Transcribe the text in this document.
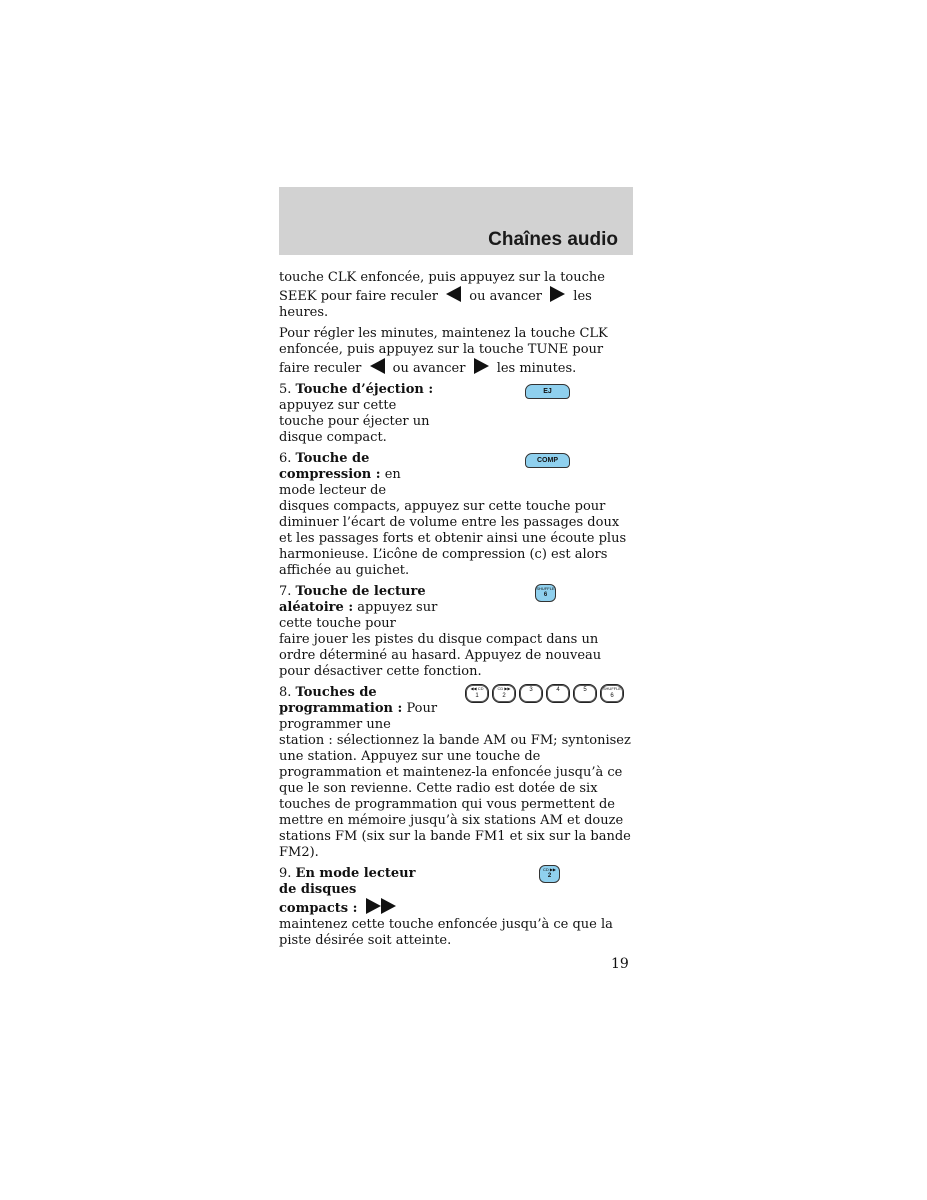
Chaînes audio

touche CLK enfoncée, puis appuyez sur la touche SEEK pour faire reculer ou avancer les heures.

Pour régler les minutes, maintenez la touche CLK enfoncée, puis appuyez sur la touche TUNE pour faire reculer ou avancer les minutes.

5. Touche d’éjection : appuyez sur cette touche pour éjecter un disque compact.
EJ
6. Touche de compression : en mode lecteur de
disques compacts, appuyez sur cette touche pour diminuer l’écart de volume entre les passages doux et les passages forts et obtenir ainsi une écoute plus harmonieuse. L’icône de compression (c) est alors affichée au guichet.
COMP
7. Touche de lecture aléatoire : appuyez sur cette touche pour
faire jouer les pistes du disque compact dans un ordre déterminé au hasard. Appuyez de nouveau pour désactiver cette fonction.
SHUFFLE
6
8. Touches de programmation : Pour programmer une
station : sélectionnez la bande AM ou FM; syntonisez une station. Appuyez sur une touche de programmation et maintenez-la enfoncée jusqu’à ce que le son revienne. Cette radio est dotée de six touches de programmation qui vous permettent de mettre en mémoire jusqu’à six stations AM et douze stations FM (six sur la bande FM1 et six sur la bande FM2).
◀◀ CD
1
CD ▶▶
2
3	4	5	SHUFFLE
6
9. En mode lecteur de disques compacts :
maintenez cette touche enfoncée jusqu’à ce que la piste désirée soit atteinte.
CD ▶▶
2
19
